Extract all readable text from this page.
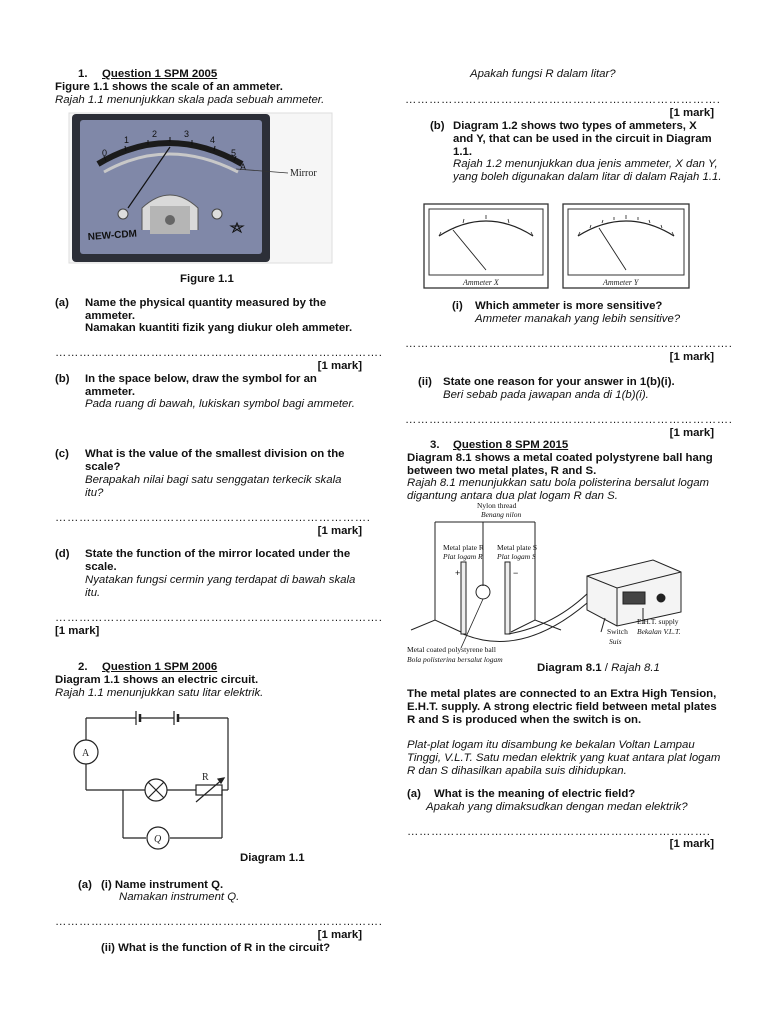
1. Question 1 SPM 2005
Figure 1.1 shows the scale of an ammeter.
Rajah 1.1 menunjukkan skala pada sebuah ammeter.
0
1
2	3
4
5
A
NEW-CDM
Mirror
Figure 1.1
(a) Name the physical quantity measured by the ammeter.
Namakan kuantiti fizik yang diukur oleh ammeter.
……………………………………………………………………….
[1 mark]
(b) In the space below, draw the symbol for an ammeter.
Pada ruang di bawah, lukiskan symbol bagi ammeter.
(c) What is the value of the smallest division on the scale?
Berapakah nilai bagi satu senggatan terkecik skala itu?
…………………………………………………………………….
[1 mark]
(d) State the function of the mirror located under the scale.
Nyatakan fungsi cermin yang terdapat di bawah skala itu.
……………………………………………………………………….
[1 mark]
2. Question 1 SPM 2006
Diagram 1.1 shows an electric circuit.
Rajah 1.1 menunjukkan satu litar elektrik.
A
R
Q
Diagram 1.1
(a) (i) Name instrument Q.
Namakan instrument Q.
……………………………………………………………………….
[1 mark]
(ii) What is the function of R in the circuit?
Apakah fungsi R dalam litar?
…………………………………………………………………….
[1 mark]
(b) Diagram 1.2 shows two types of ammeters, X and Y, that can be used in the circuit in Diagram 1.1.
Rajah 1.2 menunjukkan dua jenis ammeter, X dan Y, yang boleh digunakan dalam litar di dalam Rajah 1.1.
Ammeter X	Ammeter Y
(i) Which ammeter is more sensitive?
Ammeter manakah yang lebih sensitive?
……………………………………………………………………….
[1 mark]
(ii) State one reason for your answer in 1(b)(i).
Beri sebab pada jawapan anda di 1(b)(i).
……………………………………………………………………….
[1 mark]
3. Question 8 SPM 2015
Diagram 8.1 shows a metal coated polystyrene ball hang between two metal plates, R and S.
Rajah 8.1 menunjukkan satu bola polisterina bersalut logam digantung antara dua plat logam R dan S.
Nylon thread
Benang nilon
Metal plate R
Plat logam R
Metal plate S
Plat logam S
E.H.T. supply
Bekalan V.L.T.
Switch
Suis
Metal coated polystyrene ball
Bola polisterina bersalut logam
+	−
Diagram 8.1 / Rajah 8.1
The metal plates are connected to an Extra High Tension, E.H.T. supply. A strong electric field between metal plates R and S is produced when the switch is on.
Plat-plat logam itu disambung ke bekalan Voltan Lampau Tinggi, V.L.T. Satu medan elektrik yang kuat antara plat logam R dan S dihasilkan apabila suis dihidupkan.
(a) What is the meaning of electric field?
Apakah yang dimaksudkan dengan medan elektrik?
………………………………………………………………….
[1 mark]
